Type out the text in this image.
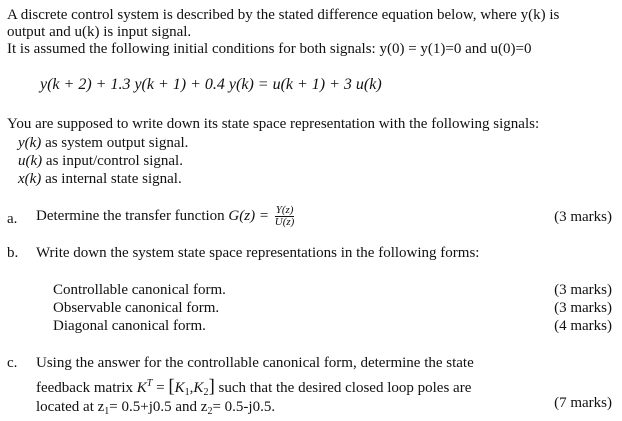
A discrete control system is described by the stated difference equation below, where y(k) is
output and u(k) is input signal.
It is assumed the following initial conditions for both signals: y(0) = y(1)=0 and u(0)=0
y(k + 2) + 1.3 y(k + 1) + 0.4 y(k) = u(k + 1) + 3 u(k)
You are supposed to write down its state space representation with the following signals:
y(k) as system output signal.
u(k) as input/control signal.
x(k) as internal state signal.
a. Determine the transfer function $G(z) = \frac{Y(z)}{U(z)}$	(3 marks)
b. Write down the system state space representations in the following forms:
Controllable canonical form.	(3 marks)
Observable canonical form.	(3 marks)
Diagonal canonical form.	(4 marks)
c. Using the answer for the controllable canonical form, determine the state
feedback matrix $K^T = [K_1,K_2]$ such that the desired closed loop poles are
located at $z_1= 0.5+j0.5$ and $z_2= 0.5-j0.5$.	(7 marks)
